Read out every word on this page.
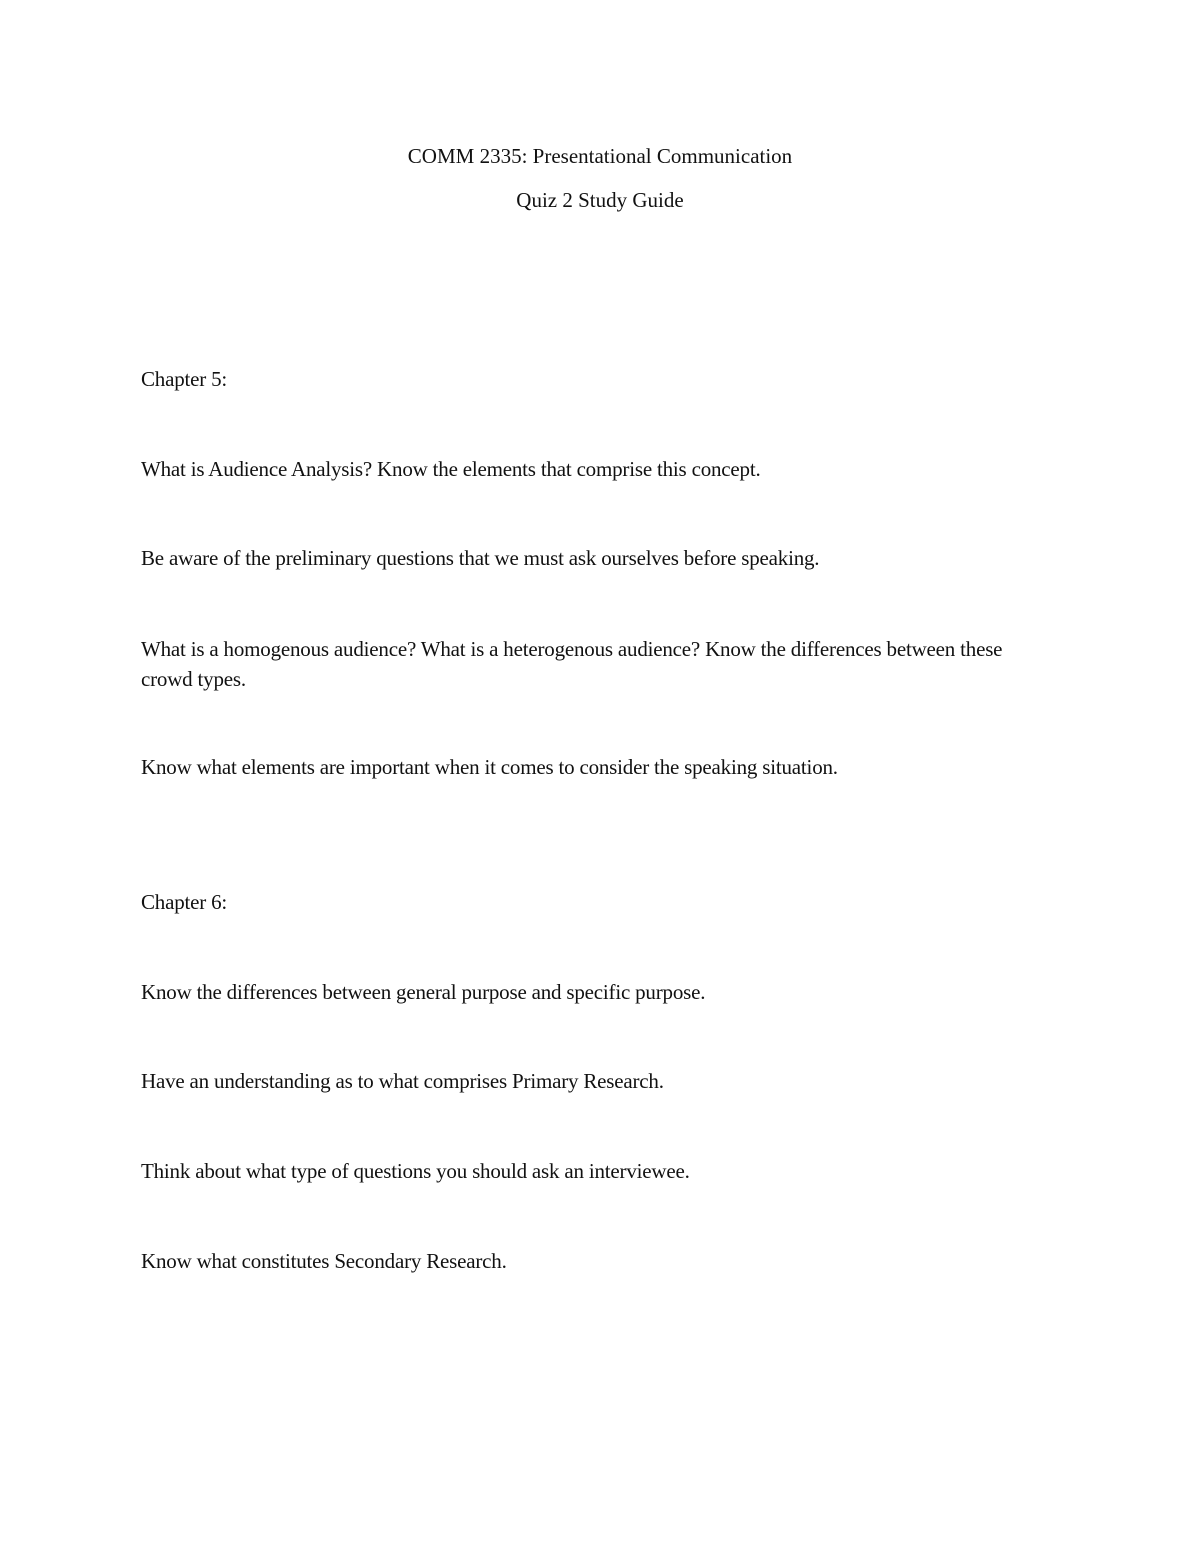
COMM 2335: Presentational Communication
Quiz 2 Study Guide
Chapter 5:
What is Audience Analysis? Know the elements that comprise this concept.
Be aware of the preliminary questions that we must ask ourselves before speaking.
What is a homogenous audience? What is a heterogenous audience? Know the differences between these crowd types.
Know what elements are important when it comes to consider the speaking situation.
Chapter 6:
Know the differences between general purpose and specific purpose.
Have an understanding as to what comprises Primary Research.
Think about what type of questions you should ask an interviewee.
Know what constitutes Secondary Research.
